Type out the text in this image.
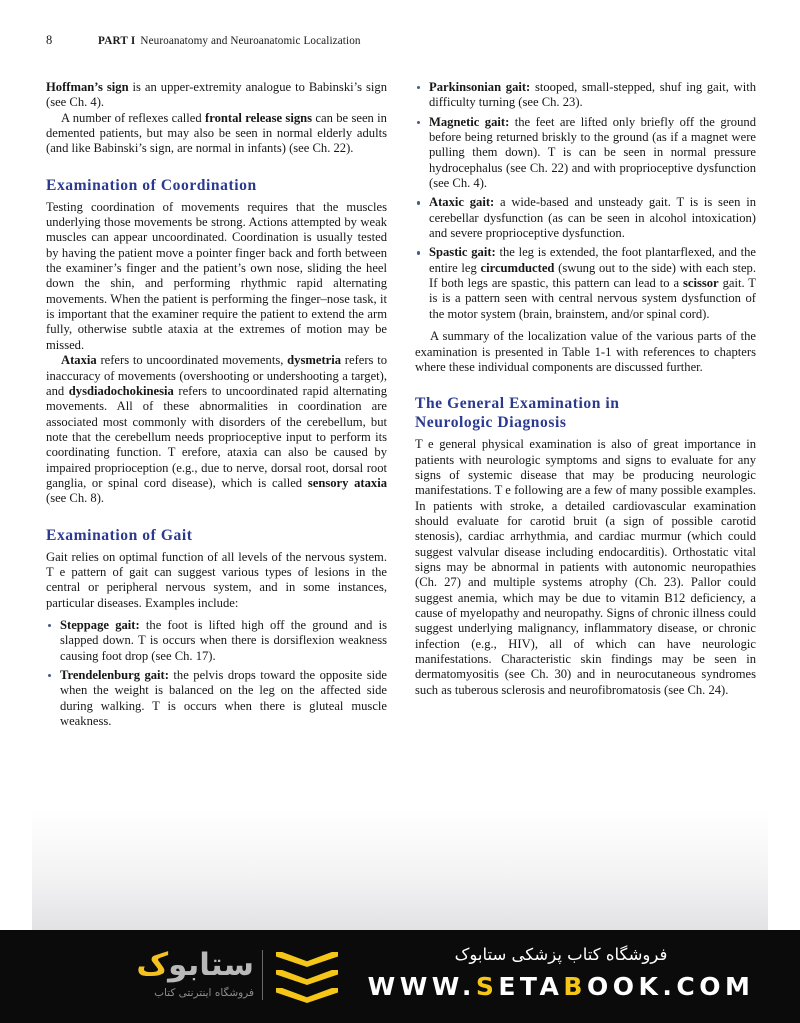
8	PART I Neuroanatomy and Neuroanatomic Localization

Hoffman’s sign is an upper-extremity analogue to Babinski’s sign (see Ch. 4).

A number of reflexes called frontal release signs can be seen in demented patients, but may also be seen in normal elderly adults (and like Babinski’s sign, are normal in infants) (see Ch. 22).

Examination of Coordination

Testing coordination of movements requires that the muscles underlying those movements be strong. Actions attempted by weak muscles can appear uncoordinated. Coordination is usually tested by having the patient move a pointer finger back and forth between the examiner’s finger and the patient’s own nose, sliding the heel down the shin, and performing rhythmic rapid alternating movements. When the patient is performing the finger–nose task, it is important that the examiner require the patient to extend the arm fully, otherwise subtle ataxia at the extremes of motion may be missed.

Ataxia refers to uncoordinated movements, dysmetria refers to inaccuracy of movements (overshooting or undershooting a target), and dysdiadochokinesia refers to uncoordinated rapid alternating movements. All of these abnormalities in coordination are associated most commonly with disorders of the cerebellum, but note that the cerebellum needs proprioceptive input to perform its coordinating function. T erefore, ataxia can also be caused by impaired proprioception (e.g., due to nerve, dorsal root, dorsal root ganglia, or spinal cord disease), which is called sensory ataxia (see Ch. 8).

Examination of Gait

Gait relies on optimal function of all levels of the nervous system. T e pattern of gait can suggest various types of lesions in the central or peripheral nervous system, and in some instances, particular diseases. Examples include:

Steppage gait: the foot is lifted high off the ground and is slapped down. T is occurs when there is dorsiflexion weakness causing foot drop (see Ch. 17).
Trendelenburg gait: the pelvis drops toward the opposite side when the weight is balanced on the leg on the affected side during walking. T is occurs when there is gluteal muscle weakness.
Parkinsonian gait: stooped, small-stepped, shuf ing gait, with difficulty turning (see Ch. 23).
Magnetic gait: the feet are lifted only briefly off the ground before being returned briskly to the ground (as if a magnet were pulling them down). T is can be seen in normal pressure hydrocephalus (see Ch. 22) and with proprioceptive dysfunction (see Ch. 4).
Ataxic gait: a wide-based and unsteady gait. T is is seen in cerebellar dysfunction (as can be seen in alcohol intoxication) and severe proprioceptive dysfunction.
Spastic gait: the leg is extended, the foot plantarflexed, and the entire leg circumducted (swung out to the side) with each step. If both legs are spastic, this pattern can lead to a scissor gait. T is is a pattern seen with central nervous system dysfunction of the motor system (brain, brainstem, and/or spinal cord).

A summary of the localization value of the various parts of the examination is presented in Table 1-1 with references to chapters where these individual components are discussed further.

The General Examination in
Neurologic Diagnosis

T e general physical examination is also of great importance in patients with neurologic symptoms and signs to evaluate for any signs of systemic disease that may be producing neurologic manifestations. T e following are a few of many possible examples. In patients with stroke, a detailed cardiovascular examination should evaluate for carotid bruit (a sign of possible carotid stenosis), cardiac arrhythmia, and cardiac murmur (which could suggest valvular disease including endocarditis). Orthostatic vital signs may be abnormal in patients with autonomic neuropathies (Ch. 27) and multiple systems atrophy (Ch. 23). Pallor could suggest anemia, which may be due to vitamin B12 deficiency, a cause of myelopathy and neuropathy. Signs of chronic illness could suggest underlying malignancy, inflammatory disease, or chronic infection (e.g., HIV), all of which can have neurologic manifestations. Characteristic skin findings may be seen in dermatomyositis (see Ch. 30) and in neurocutaneous syndromes such as tuberous sclerosis and neurofibromatosis (see Ch. 24).

ستابوک
فروشگاه اینترنتی کتاب
فروشگاه کتاب پزشکی ستابوک
WWW.SETABOOK.COM
